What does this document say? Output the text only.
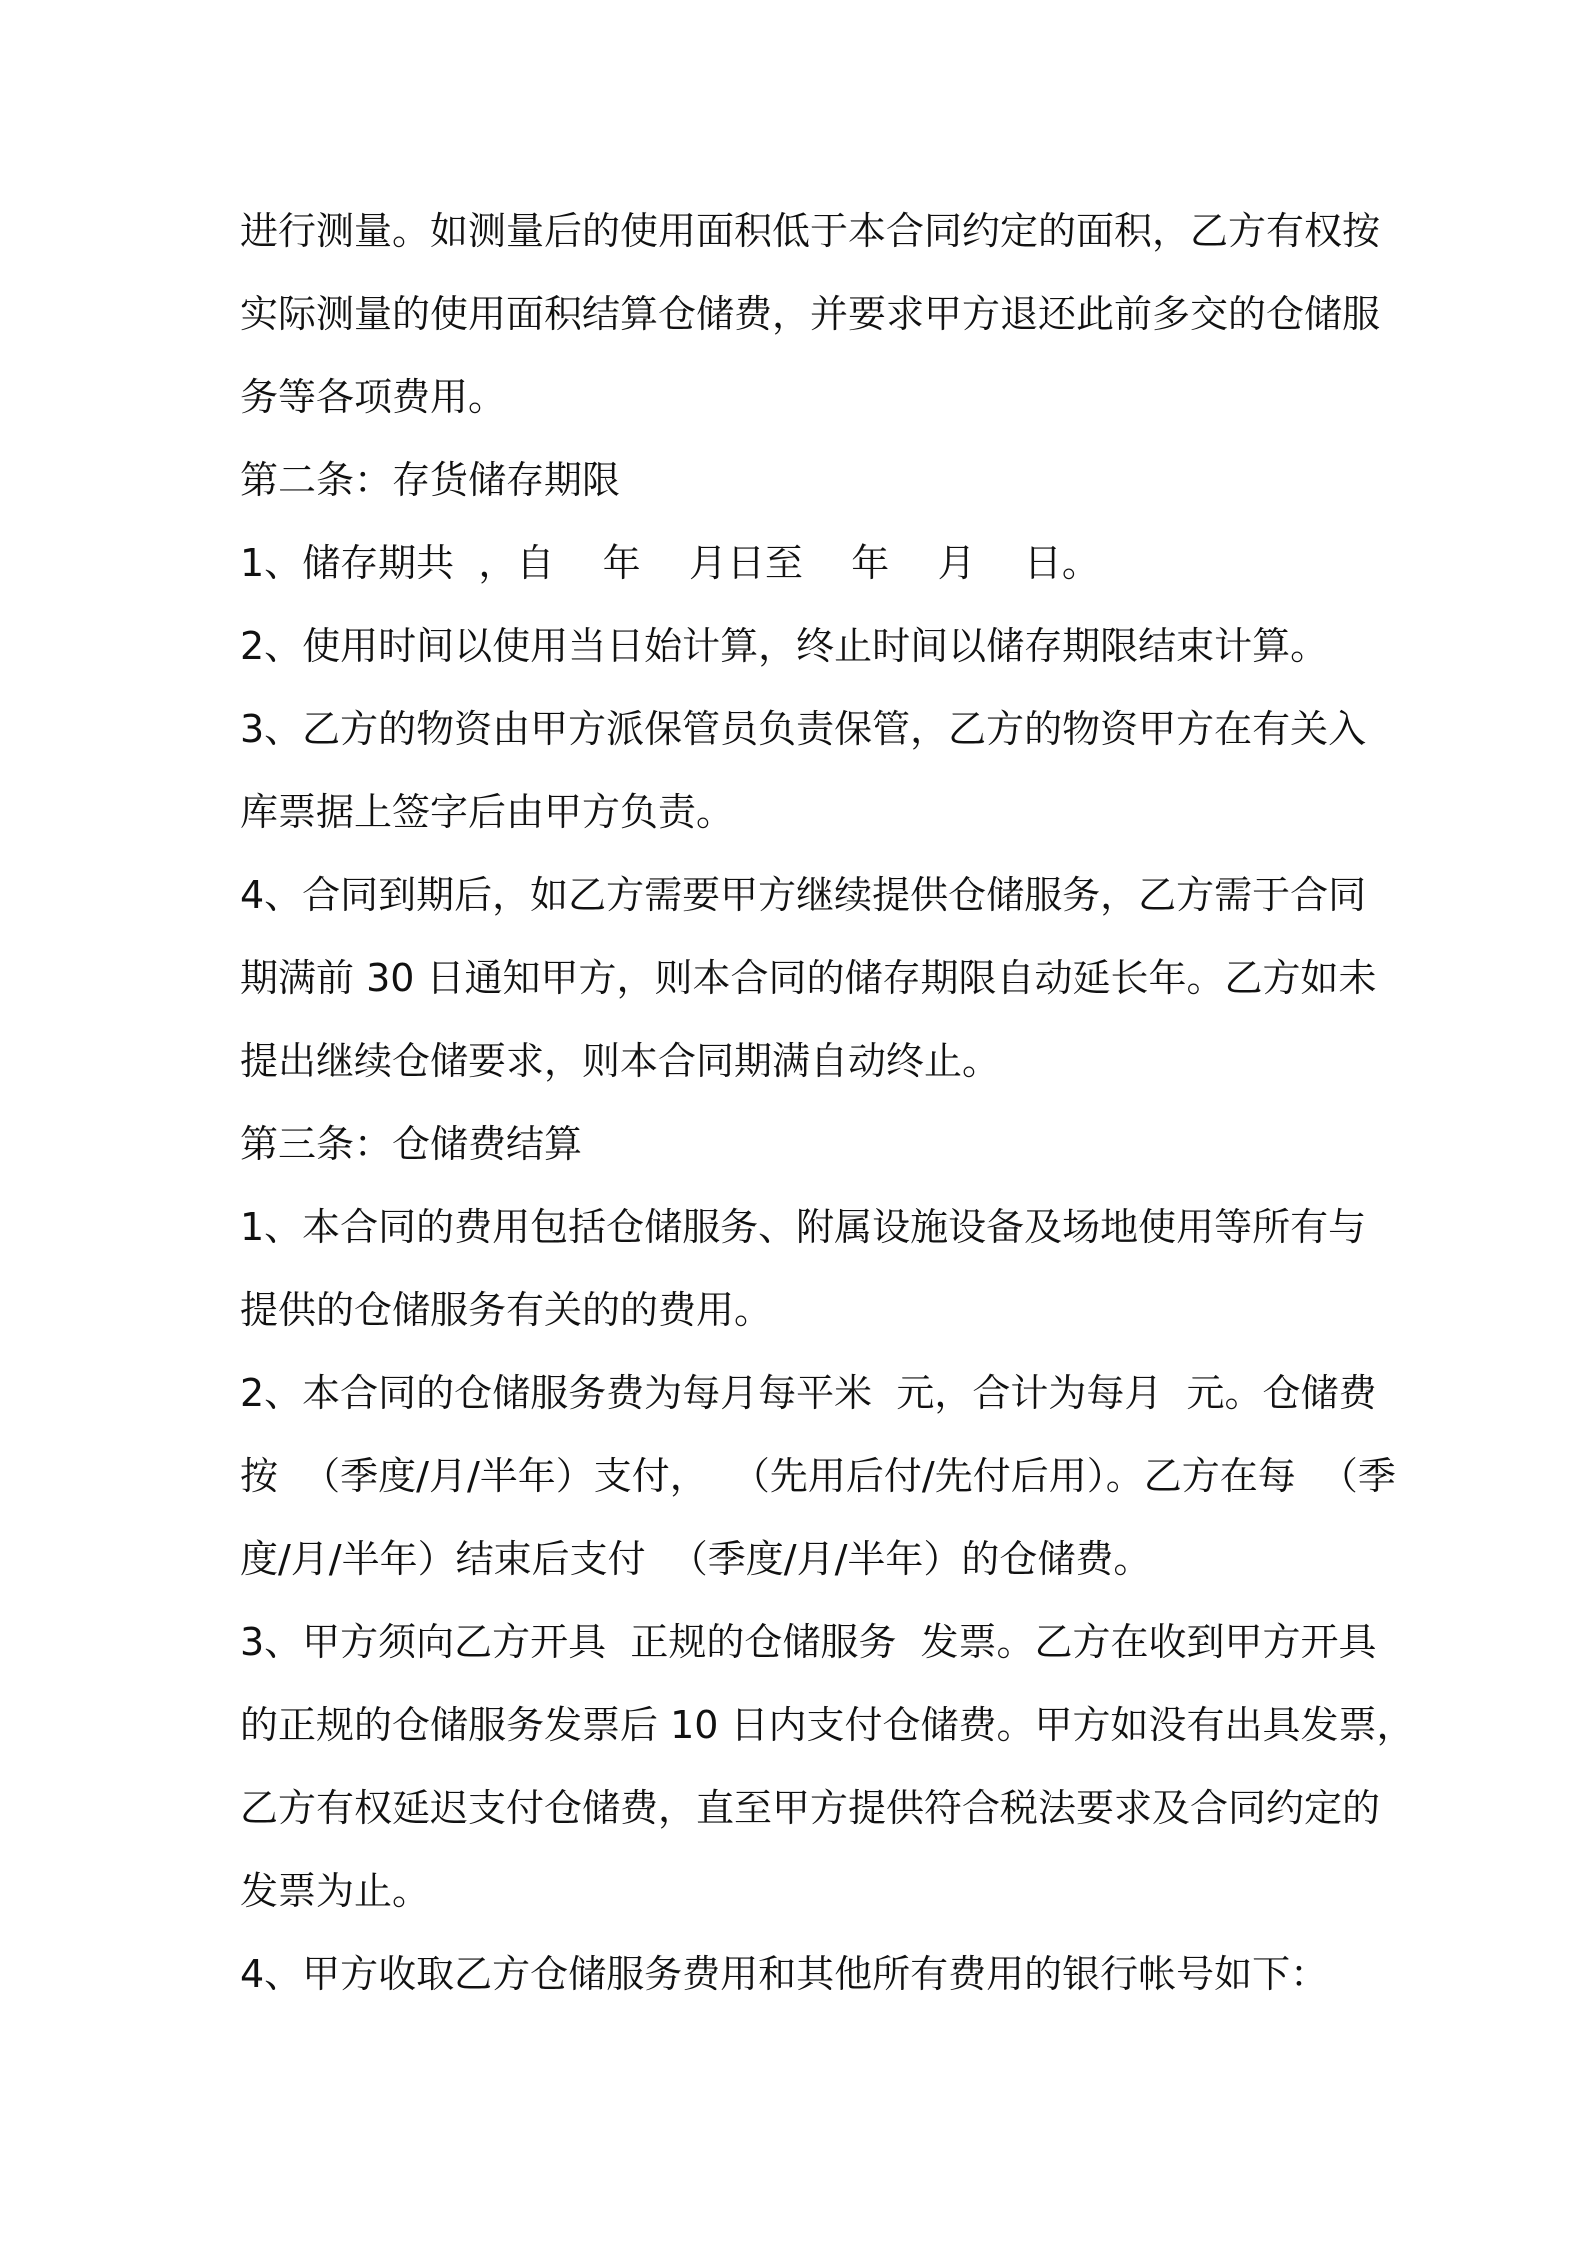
进行测量。如测量后的使用面积低于本合同约定的面积，乙方有权按
实际测量的使用面积结算仓储费，并要求甲方退还此前多交的仓储服
务等各项费用。
第二条：存货储存期限
1、储存期共  ，自    年    月日至    年    月    日。
2、使用时间以使用当日始计算，终止时间以储存期限结束计算。
3、乙方的物资由甲方派保管员负责保管，乙方的物资甲方在有关入
库票据上签字后由甲方负责。
4、合同到期后，如乙方需要甲方继续提供仓储服务，乙方需于合同
期满前 30 日通知甲方，则本合同的储存期限自动延长年。乙方如未
提出继续仓储要求，则本合同期满自动终止。
第三条：仓储费结算
1、本合同的费用包括仓储服务、附属设施设备及场地使用等所有与
提供的仓储服务有关的的费用。
2、本合同的仓储服务费为每月每平米  元，合计为每月  元。仓储费
按  （季度/月/半年）支付，  （先用后付/先付后用）。乙方在每  （季
度/月/半年）结束后支付  （季度/月/半年）的仓储费。
3、甲方须向乙方开具  正规的仓储服务  发票。乙方在收到甲方开具
的正规的仓储服务发票后 10 日内支付仓储费。甲方如没有出具发票，
乙方有权延迟支付仓储费，直至甲方提供符合税法要求及合同约定的
发票为止。
4、甲方收取乙方仓储服务费用和其他所有费用的银行帐号如下：
